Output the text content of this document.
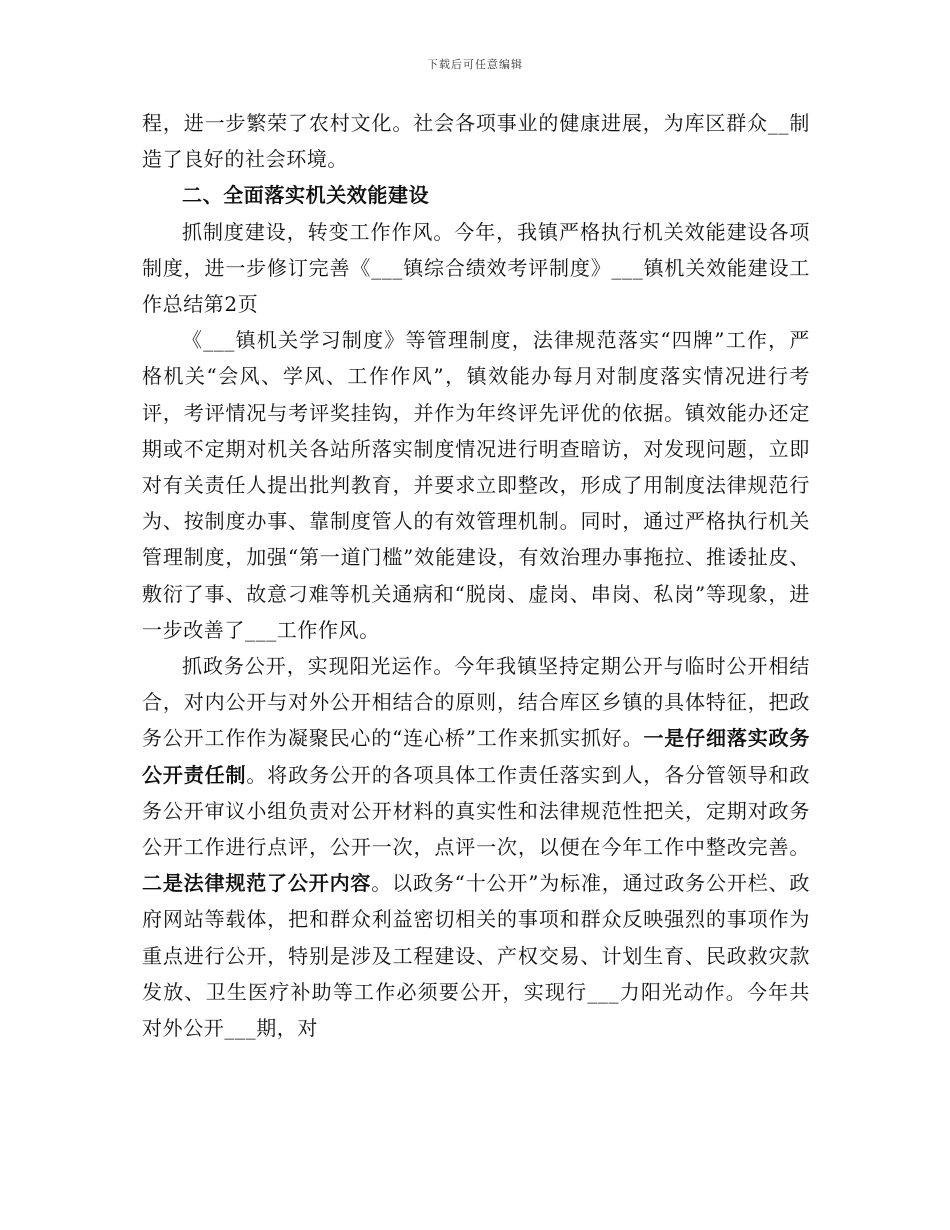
下载后可任意编辑

程，进一步繁荣了农村文化。社会各项事业的健康进展，为库区群众__制造了良好的社会环境。

二、全面落实机关效能建设

抓制度建设，转变工作作风。今年，我镇严格执行机关效能建设各项制度，进一步修订完善《___镇综合绩效考评制度》___镇机关效能建设工作总结第2页

《___镇机关学习制度》等管理制度，法律规范落实“四牌”工作，严格机关“会风、学风、工作作风”，镇效能办每月对制度落实情况进行考评，考评情况与考评奖挂钩，并作为年终评先评优的依据。镇效能办还定期或不定期对机关各站所落实制度情况进行明查暗访，对发现问题，立即对有关责任人提出批判教育，并要求立即整改，形成了用制度法律规范行为、按制度办事、靠制度管人的有效管理机制。同时，通过严格执行机关管理制度，加强“第一道门槛”效能建设，有效治理办事拖拉、推诿扯皮、敷衍了事、故意刁难等机关通病和“脱岗、虚岗、串岗、私岗”等现象，进一步改善了___工作作风。

抓政务公开，实现阳光运作。今年我镇坚持定期公开与临时公开相结合，对内公开与对外公开相结合的原则，结合库区乡镇的具体特征，把政务公开工作作为凝聚民心的“连心桥”工作来抓实抓好。一是仔细落实政务公开责任制。将政务公开的各项具体工作责任落实到人，各分管领导和政务公开审议小组负责对公开材料的真实性和法律规范性把关，定期对政务公开工作进行点评，公开一次，点评一次，以便在今年工作中整改完善。二是法律规范了公开内容。以政务“十公开”为标准，通过政务公开栏、政府网站等载体，把和群众利益密切相关的事项和群众反映强烈的事项作为重点进行公开，特别是涉及工程建设、产权交易、计划生育、民政救灾款发放、卫生医疗补助等工作必须要公开，实现行___力阳光动作。今年共对外公开___期，对
